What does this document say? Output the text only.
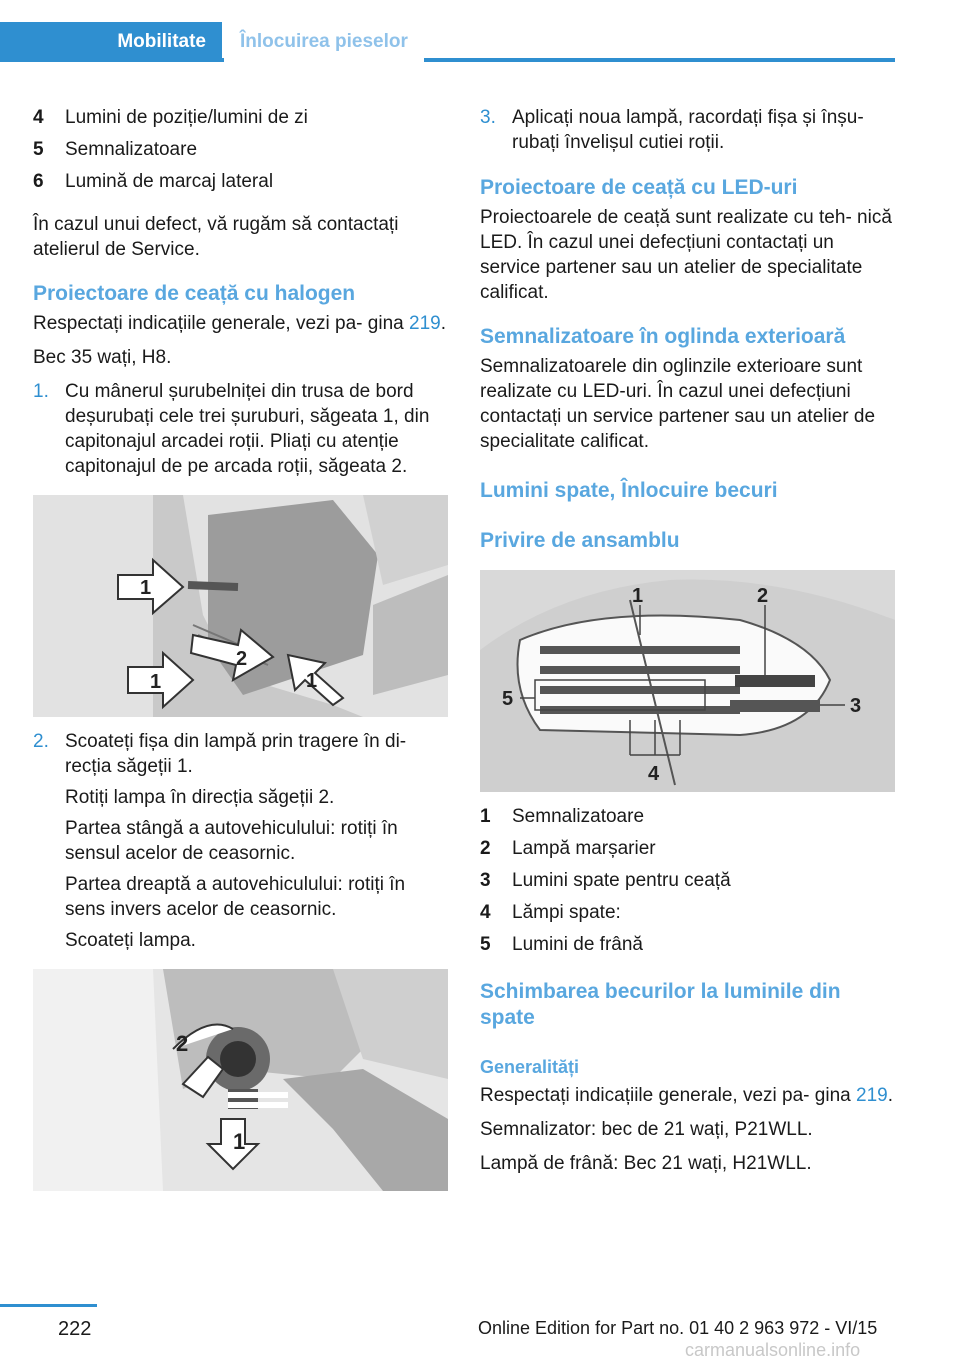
Mobilitate	Înlocuirea pieselor
4	Lumini de poziție/lumini de zi
5	Semnalizatoare
6	Lumină de marcaj lateral

În cazul unui defect, vă rugăm să contactați atelierul de Service.

Proiectoare de ceață cu halogen

Respectați indicațiile generale, vezi pa‐ gina 219.

Bec 35 wați, H8.

1. Cu mânerul șurubelniței din trusa de bord deșurubați cele trei șuruburi, săgeata 1, din capitonajul arcadei roții. Pliați cu atenție capitonajul de pe arcada roții, săgeata 2.
1
2
1	1
2. Scoateți fișa din lampă prin tragere în di‐ recția săgeții 1.

Rotiți lampa în direcția săgeții 2.

Partea stângă a autovehiculului: rotiți în sensul acelor de ceasornic.

Partea dreaptă a autovehiculului: rotiți în sens invers acelor de ceasornic.

Scoateți lampa.

2
1
3. Aplicați noua lampă, racordați fișa și înșu‐ rubați învelișul cutiei roții.

Proiectoare de ceață cu LED-uri

Proiectoarele de ceață sunt realizate cu teh‐ nică LED. În cazul unei defecțiuni contactați un service partener sau un atelier de specialitate calificat.

Semnalizatoare în oglinda exterioară

Semnalizatoarele din oglinzile exterioare sunt realizate cu LED-uri. În cazul unei defecțiuni contactați un service partener sau un atelier de specialitate calificat.

Lumini spate, Înlocuire becuri

Privire de ansamblu

1	2
3
4
5
1	Semnalizatoare
2	Lampă marșarier
3	Lumini spate pentru ceață
4	Lămpi spate:
5	Lumini de frână

Schimbarea becurilor la luminile din spate

Generalități

Respectați indicațiile generale, vezi pa‐ gina 219.

Semnalizator: bec de 21 wați, P21WLL.

Lampă de frână: Bec 21 wați, H21WLL.

222	Online Edition for Part no. 01 40 2 963 972 - VI/15
carmanualsonline.info
